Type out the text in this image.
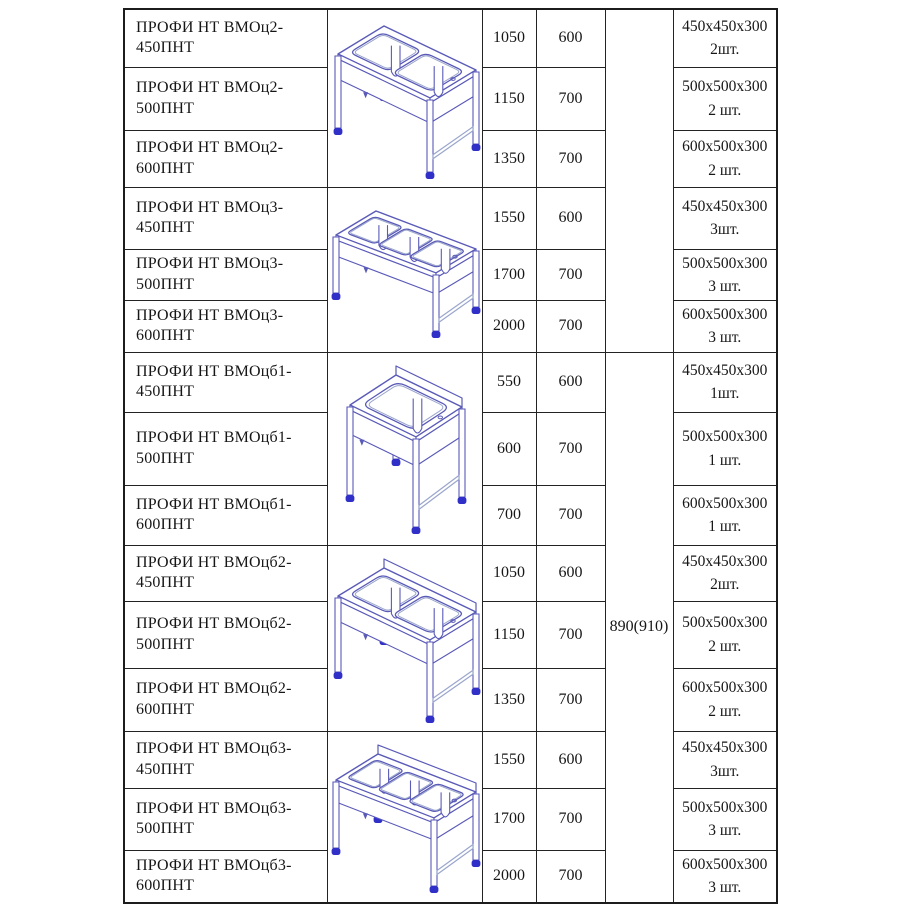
ПРОФИ НТ ВМОц2-
450ПНТ		1050	600		450x450x300
2шт.

ПРОФИ НТ ВМОц2-
500ПНТ		1150	700		500x500x300
2 шт.

ПРОФИ НТ ВМОц2-
600ПНТ		1350	700		600x500x300
2 шт.

ПРОФИ НТ ВМОц3-
450ПНТ		1550	600		450x450x300
3шт.

ПРОФИ НТ ВМОц3-
500ПНТ		1700	700		500x500x300
3 шт.

ПРОФИ НТ ВМОц3-
600ПНТ		2000	700		600x500x300
3 шт.

ПРОФИ НТ ВМОцб1-
450ПНТ		550	600	890(910)	450x450x300
1шт.

ПРОФИ НТ ВМОцб1-
500ПНТ		600	700		500x500x300
1 шт.

ПРОФИ НТ ВМОцб1-
600ПНТ		700	700		600x500x300
1 шт.

ПРОФИ НТ ВМОцб2-
450ПНТ		1050	600		450x450x300
2шт.

ПРОФИ НТ ВМОцб2-
500ПНТ		1150	700		500x500x300
2 шт.

ПРОФИ НТ ВМОцб2-
600ПНТ		1350	700		600x500x300
2 шт.

ПРОФИ НТ ВМОцб3-
450ПНТ		1550	600		450x450x300
3шт.

ПРОФИ НТ ВМОцб3-
500ПНТ		1700	700		500x500x300
3 шт.

ПРОФИ НТ ВМОцб3-
600ПНТ		2000	700		600x500x300
3 шт.
